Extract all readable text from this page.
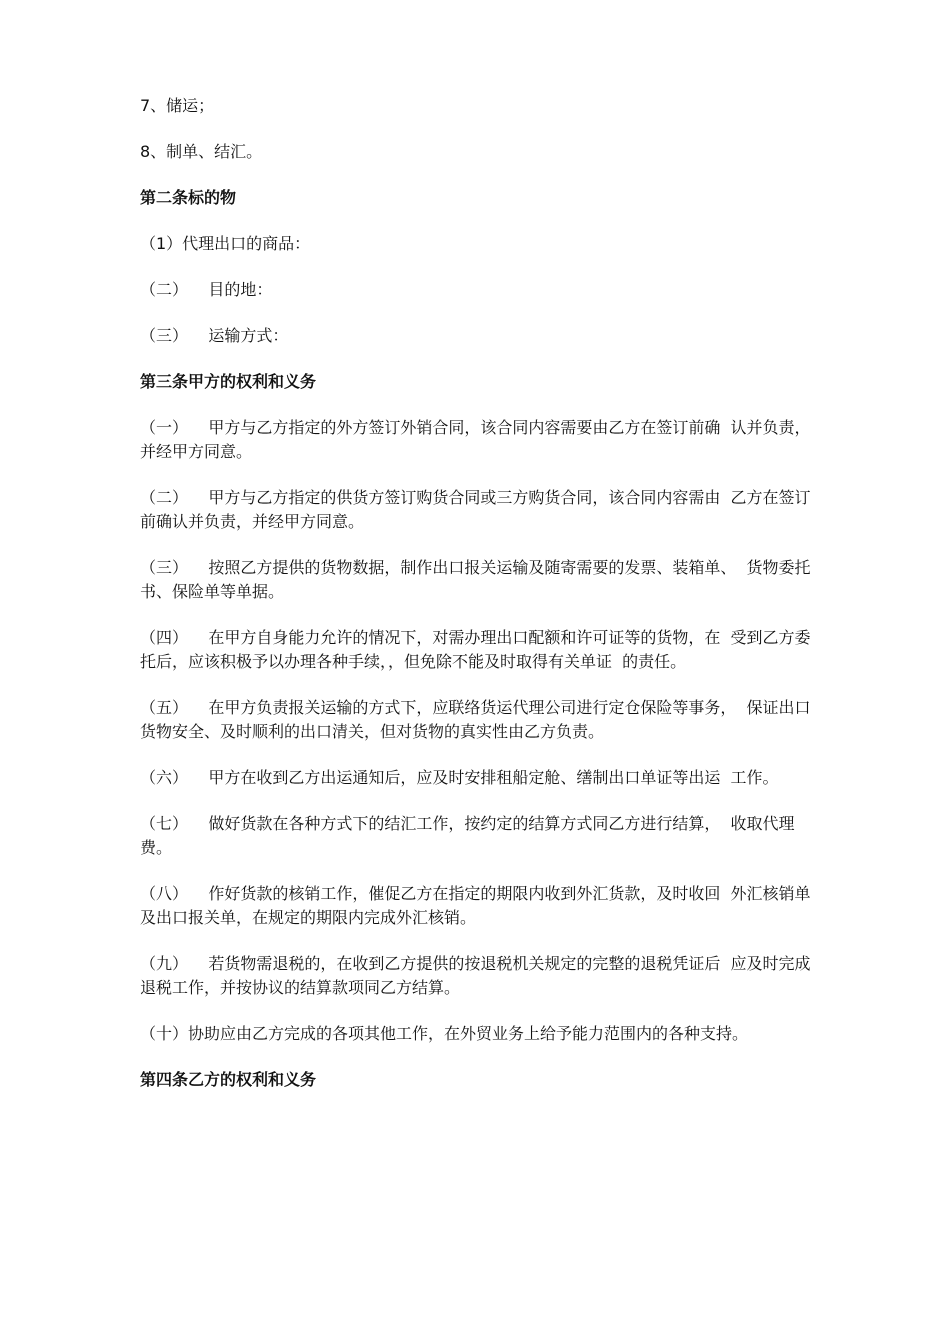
7、储运；

8、制单、结汇。

第二条标的物

（1）代理出口的商品：

（二）    目的地：

（三）    运输方式：

第三条甲方的权利和义务

（一）    甲方与乙方指定的外方签订外销合同，该合同内容需要由乙方在签订前确  认并负责，并经甲方同意。

（二）    甲方与乙方指定的供货方签订购货合同或三方购货合同，该合同内容需由  乙方在签订前确认并负责，并经甲方同意。

（三）    按照乙方提供的货物数据，制作出口报关运输及随寄需要的发票、装箱单、  货物委托书、保险单等单据。

（四）    在甲方自身能力允许的情况下，对需办理出口配额和许可证等的货物，在  受到乙方委托后，应该积极予以办理各种手续，，但免除不能及时取得有关单证  的责任。

（五）    在甲方负责报关运输的方式下，应联络货运代理公司进行定仓保险等事务，  保证出口货物安全、及时顺利的出口清关，但对货物的真实性由乙方负责。

（六）    甲方在收到乙方出运通知后，应及时安排租船定舱、缮制出口单证等出运  工作。

（七）    做好货款在各种方式下的结汇工作，按约定的结算方式同乙方进行结算，  收取代理费。

（八）    作好货款的核销工作，催促乙方在指定的期限内收到外汇货款，及时收回  外汇核销单及出口报关单，在规定的期限内完成外汇核销。

（九）    若货物需退税的，在收到乙方提供的按退税机关规定的完整的退税凭证后  应及时完成退税工作，并按协议的结算款项同乙方结算。

（十）协助应由乙方完成的各项其他工作，在外贸业务上给予能力范围内的各种支持。

第四条乙方的权利和义务
